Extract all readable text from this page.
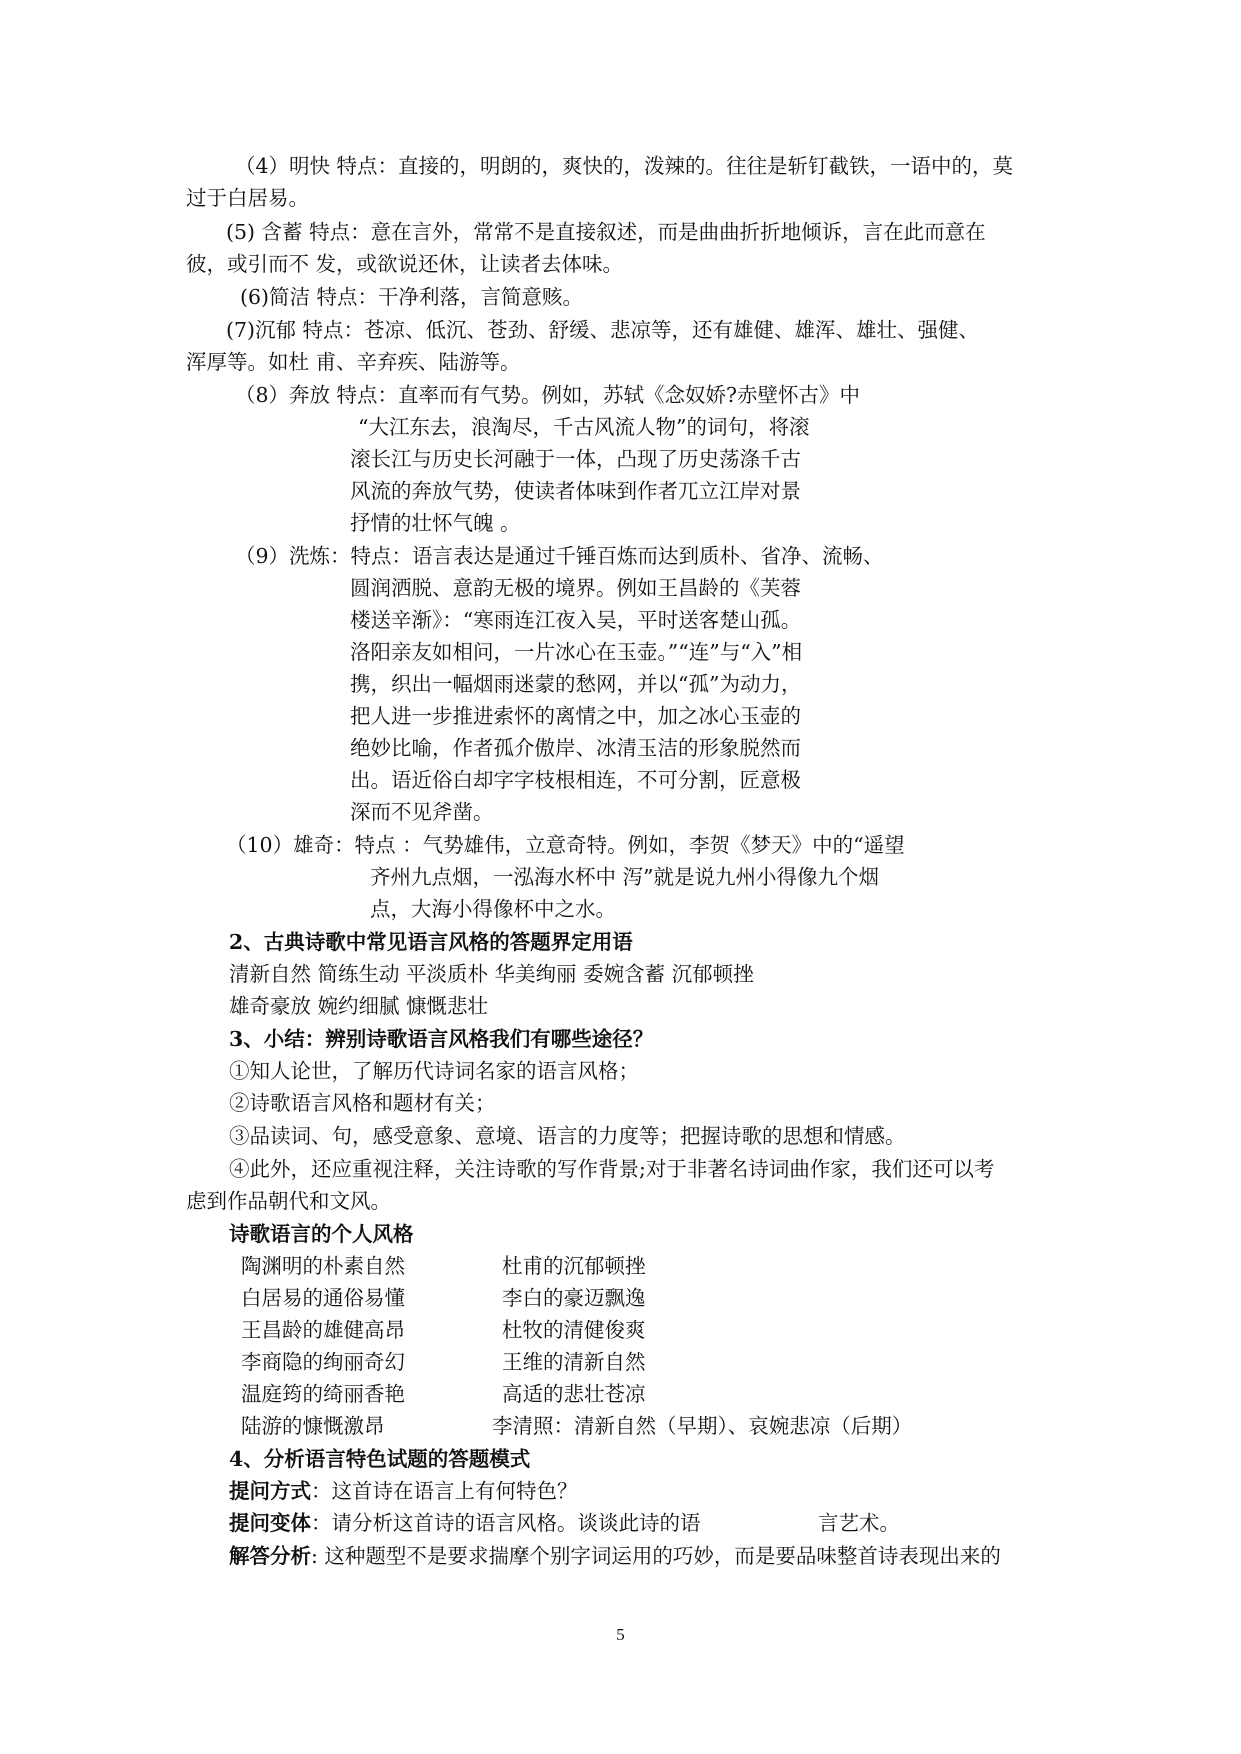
（4）明快 特点：直接的，明朗的，爽快的，泼辣的。往往是斩钉截铁，一语中的，莫
过于白居易。
(5) 含蓄 特点：意在言外，常常不是直接叙述，而是曲曲折折地倾诉，言在此而意在
彼，或引而不 发，或欲说还休，让读者去体味。
(6)简洁 特点：干净利落，言简意赅。
(7)沉郁 特点：苍凉、低沉、苍劲、舒缓、悲凉等，还有雄健、雄浑、雄壮、强健、
浑厚等。如杜 甫、辛弃疾、陆游等。
（8）奔放 特点：直率而有气势。例如，苏轼《念奴娇?赤壁怀古》中
“大江东去，浪淘尽，千古风流人物”的词句，将滚
滚长江与历史长河融于一体，凸现了历史荡涤千古
风流的奔放气势，使读者体味到作者兀立江岸对景
抒情的壮怀气魄 。
（9）洗炼：特点：语言表达是通过千锤百炼而达到质朴、省净、流畅、
圆润洒脱、意韵无极的境界。例如王昌龄的《芙蓉
楼送辛渐》：“寒雨连江夜入吴，平时送客楚山孤。
洛阳亲友如相问，一片冰心在玉壶。”“连”与“入”相
携，织出一幅烟雨迷蒙的愁网，并以“孤”为动力，
把人进一步推进索怀的离情之中，加之冰心玉壶的
绝妙比喻，作者孤介傲岸、冰清玉洁的形象脱然而
出。语近俗白却字字枝根相连，不可分割，匠意极
深而不见斧凿。
（10）雄奇：特点 ：气势雄伟，立意奇特。例如，李贺《梦天》中的“遥望
齐州九点烟，一泓海水杯中 泻”就是说九州小得像九个烟
点，大海小得像杯中之水。
2、古典诗歌中常见语言风格的答题界定用语
清新自然 简练生动 平淡质朴 华美绚丽 委婉含蓄 沉郁顿挫
雄奇豪放 婉约细腻 慷慨悲壮
3、小结：辨别诗歌语言风格我们有哪些途径？
①知人论世，了解历代诗词名家的语言风格；
②诗歌语言风格和题材有关；
③品读词、句，感受意象、意境、语言的力度等；把握诗歌的思想和情感。
④此外，还应重视注释，关注诗歌的写作背景;对于非著名诗词曲作家，我们还可以考
虑到作品朝代和文风。
诗歌语言的个人风格
陶渊明的朴素自然	杜甫的沉郁顿挫
白居易的通俗易懂	李白的豪迈飘逸
王昌龄的雄健高昂	杜牧的清健俊爽
李商隐的绚丽奇幻	王维的清新自然
温庭筠的绮丽香艳	高适的悲壮苍凉
陆游的慷慨激昂	李清照：清新自然（早期）、哀婉悲凉（后期）
4、分析语言特色试题的答题模式
提问方式：这首诗在语言上有何特色？
提问变体：请分析这首诗的语言风格。谈谈此诗的语	言艺术。
解答分析: 这种题型不是要求揣摩个别字词运用的巧妙，而是要品味整首诗表现出来的
5
